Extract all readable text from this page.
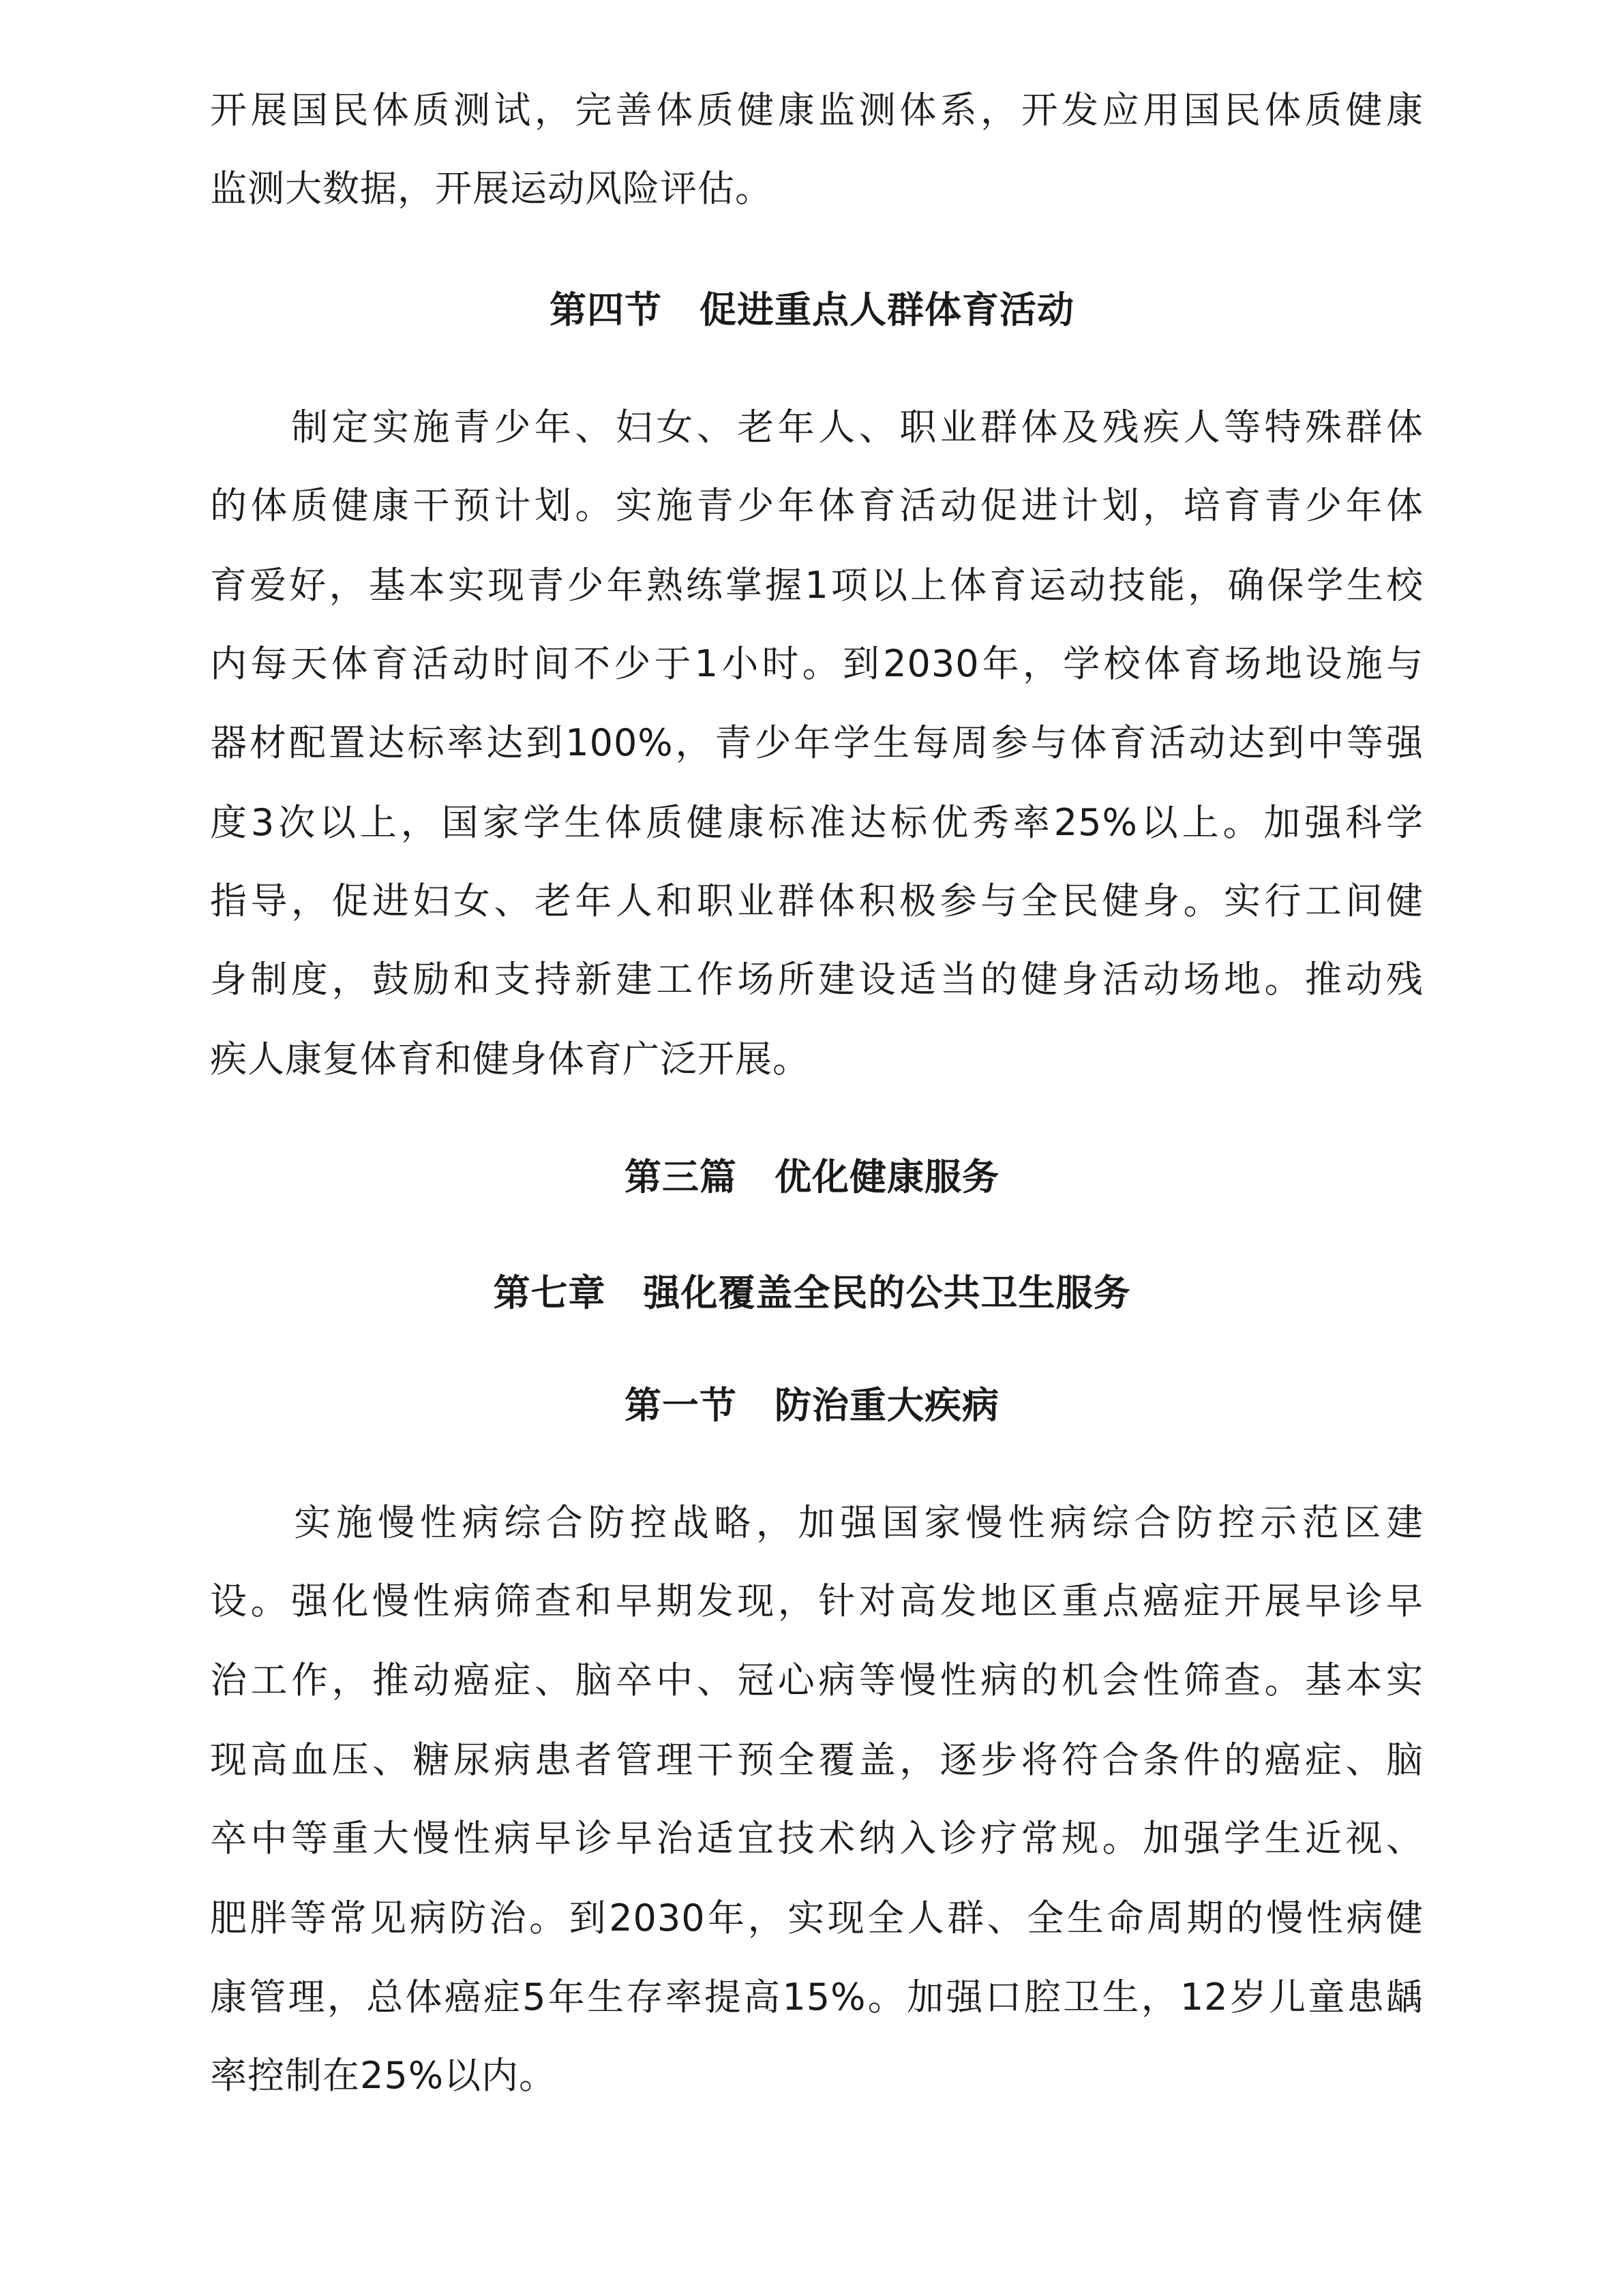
开展国民体质测试，完善体质健康监测体系，开发应用国民体质健康
监测大数据，开展运动风险评估。
第四节　促进重点人群体育活动
　　制定实施青少年、妇女、老年人、职业群体及残疾人等特殊群体
的体质健康干预计划。实施青少年体育活动促进计划，培育青少年体
育爱好，基本实现青少年熟练掌握1项以上体育运动技能，确保学生校
内每天体育活动时间不少于1小时。到2030年，学校体育场地设施与
器材配置达标率达到100%，青少年学生每周参与体育活动达到中等强
度3次以上，国家学生体质健康标准达标优秀率25%以上。加强科学
指导，促进妇女、老年人和职业群体积极参与全民健身。实行工间健
身制度，鼓励和支持新建工作场所建设适当的健身活动场地。推动残
疾人康复体育和健身体育广泛开展。
第三篇　优化健康服务
第七章　强化覆盖全民的公共卫生服务
第一节　防治重大疾病
　　实施慢性病综合防控战略，加强国家慢性病综合防控示范区建
设。强化慢性病筛查和早期发现，针对高发地区重点癌症开展早诊早
治工作，推动癌症、脑卒中、冠心病等慢性病的机会性筛查。基本实
现高血压、糖尿病患者管理干预全覆盖，逐步将符合条件的癌症、脑
卒中等重大慢性病早诊早治适宜技术纳入诊疗常规。加强学生近视、
肥胖等常见病防治。到2030年，实现全人群、全生命周期的慢性病健
康管理，总体癌症5年生存率提高15%。加强口腔卫生，12岁儿童患龋
率控制在25%以内。
